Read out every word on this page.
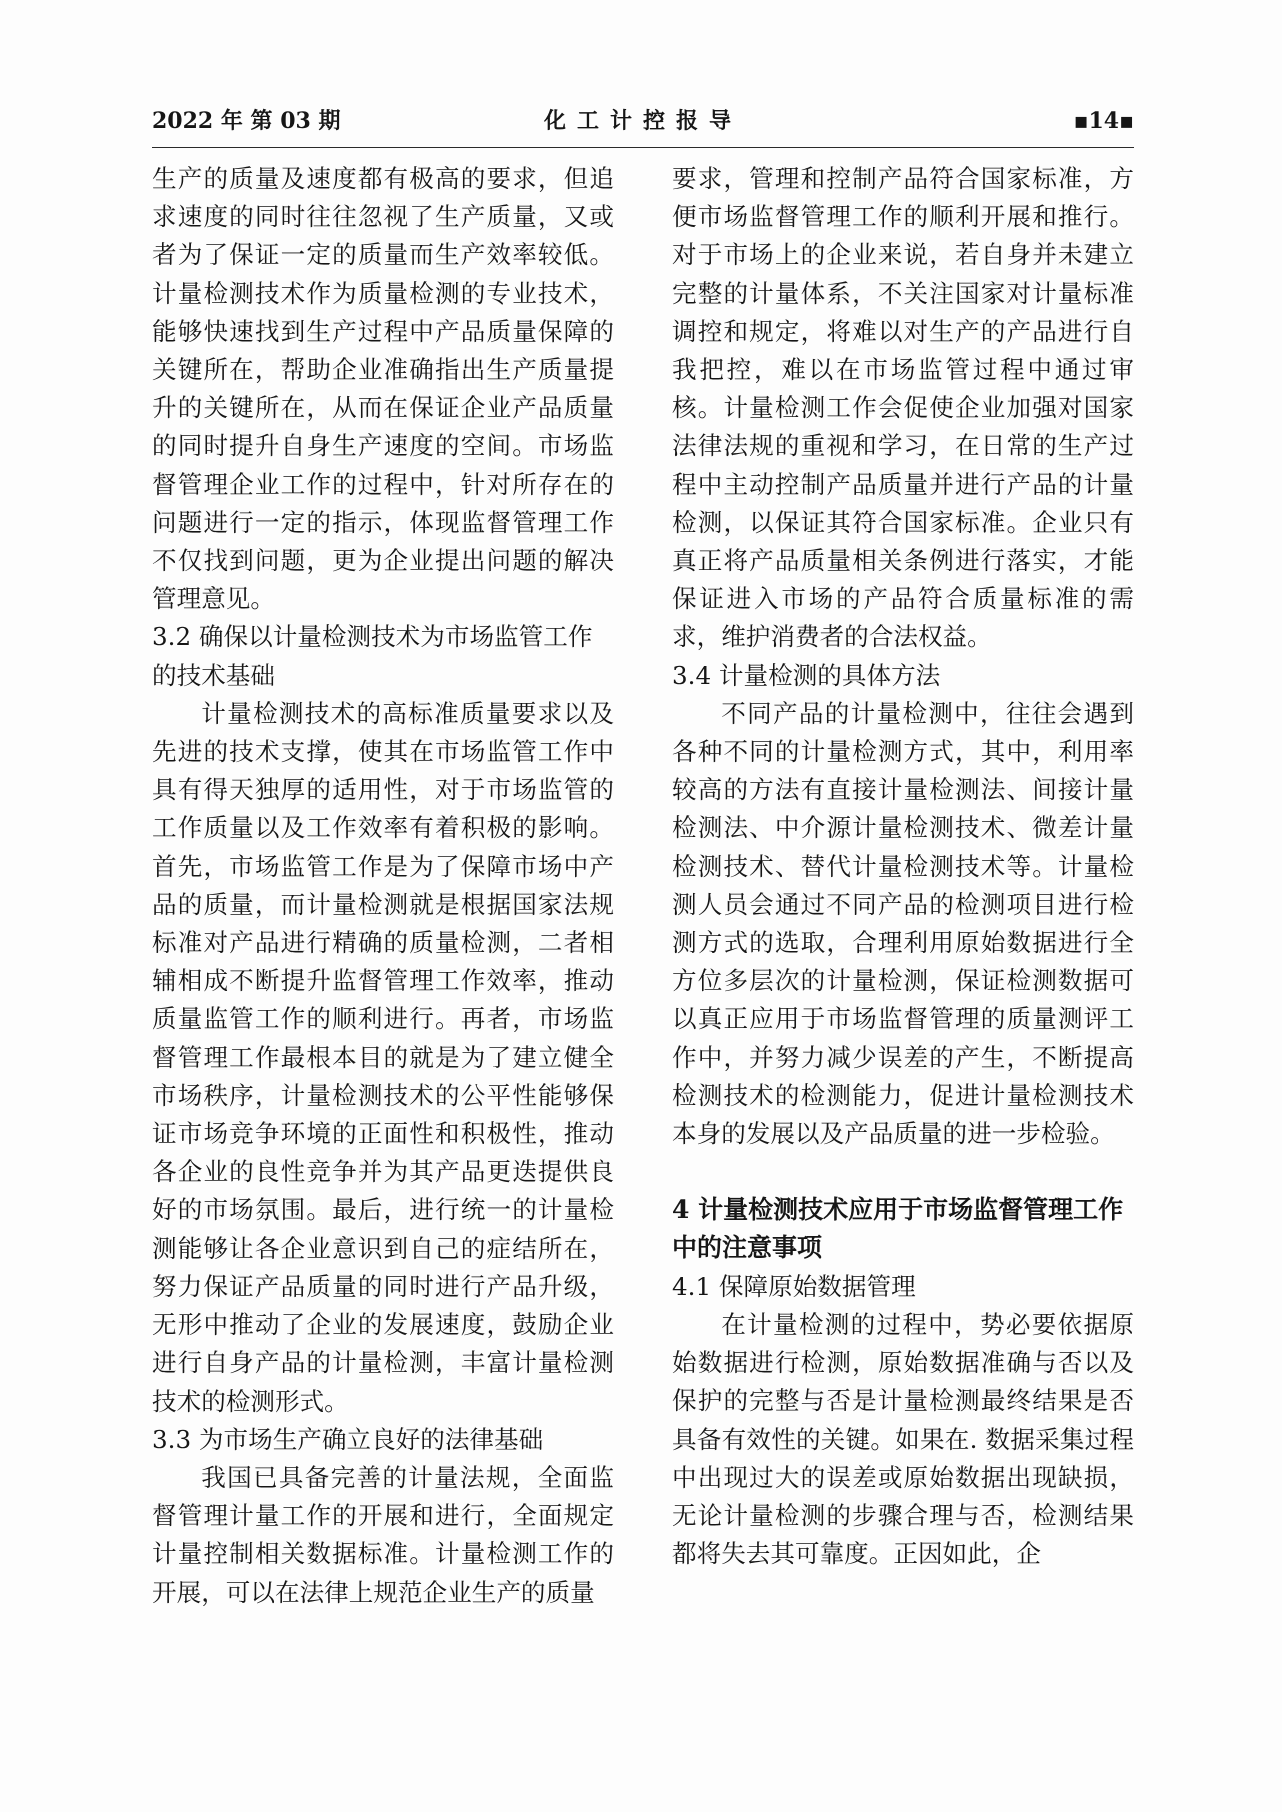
2022 年 第 03 期	化工计控报导	▪14▪

生产的质量及速度都有极高的要求，但追求速度的同时往往忽视了生产质量，又或者为了保证一定的质量而生产效率较低。计量检测技术作为质量检测的专业技术，能够快速找到生产过程中产品质量保障的关键所在，帮助企业准确指出生产质量提升的关键所在，从而在保证企业产品质量的同时提升自身生产速度的空间。市场监督管理企业工作的过程中，针对所存在的问题进行一定的指示，体现监督管理工作不仅找到问题，更为企业提出问题的解决管理意见。

3.2 确保以计量检测技术为市场监管工作的技术基础

计量检测技术的高标准质量要求以及先进的技术支撑，使其在市场监管工作中具有得天独厚的适用性，对于市场监管的工作质量以及工作效率有着积极的影响。首先，市场监管工作是为了保障市场中产品的质量，而计量检测就是根据国家法规标准对产品进行精确的质量检测，二者相辅相成不断提升监督管理工作效率，推动质量监管工作的顺利进行。再者，市场监督管理工作最根本目的就是为了建立健全市场秩序，计量检测技术的公平性能够保证市场竞争环境的正面性和积极性，推动各企业的良性竞争并为其产品更迭提供良好的市场氛围。最后，进行统一的计量检测能够让各企业意识到自己的症结所在，努力保证产品质量的同时进行产品升级，无形中推动了企业的发展速度，鼓励企业进行自身产品的计量检测，丰富计量检测技术的检测形式。

3.3 为市场生产确立良好的法律基础

我国已具备完善的计量法规，全面监督管理计量工作的开展和进行，全面规定计量控制相关数据标准。计量检测工作的开展，可以在法律上规范企业生产的质量

要求，管理和控制产品符合国家标准，方便市场监督管理工作的顺利开展和推行。对于市场上的企业来说，若自身并未建立完整的计量体系，不关注国家对计量标准调控和规定，将难以对生产的产品进行自我把控，难以在市场监管过程中通过审核。计量检测工作会促使企业加强对国家法律法规的重视和学习，在日常的生产过程中主动控制产品质量并进行产品的计量检测，以保证其符合国家标准。企业只有真正将产品质量相关条例进行落实，才能保证进入市场的产品符合质量标准的需求，维护消费者的合法权益。

3.4 计量检测的具体方法

不同产品的计量检测中，往往会遇到各种不同的计量检测方式，其中，利用率较高的方法有直接计量检测法、间接计量检测法、中介源计量检测技术、微差计量检测技术、替代计量检测技术等。计量检测人员会通过不同产品的检测项目进行检测方式的选取，合理利用原始数据进行全方位多层次的计量检测，保证检测数据可以真正应用于市场监督管理的质量测评工作中，并努力减少误差的产生，不断提高检测技术的检测能力，促进计量检测技术本身的发展以及产品质量的进一步检验。

4 计量检测技术应用于市场监督管理工作中的注意事项
4.1 保障原始数据管理

在计量检测的过程中，势必要依据原始数据进行检测，原始数据准确与否以及保护的完整与否是计量检测最终结果是否具备有效性的关键。如果在. 数据采集过程中出现过大的误差或原始数据出现缺损，无论计量检测的步骤合理与否，检测结果都将失去其可靠度。正因如此，企
